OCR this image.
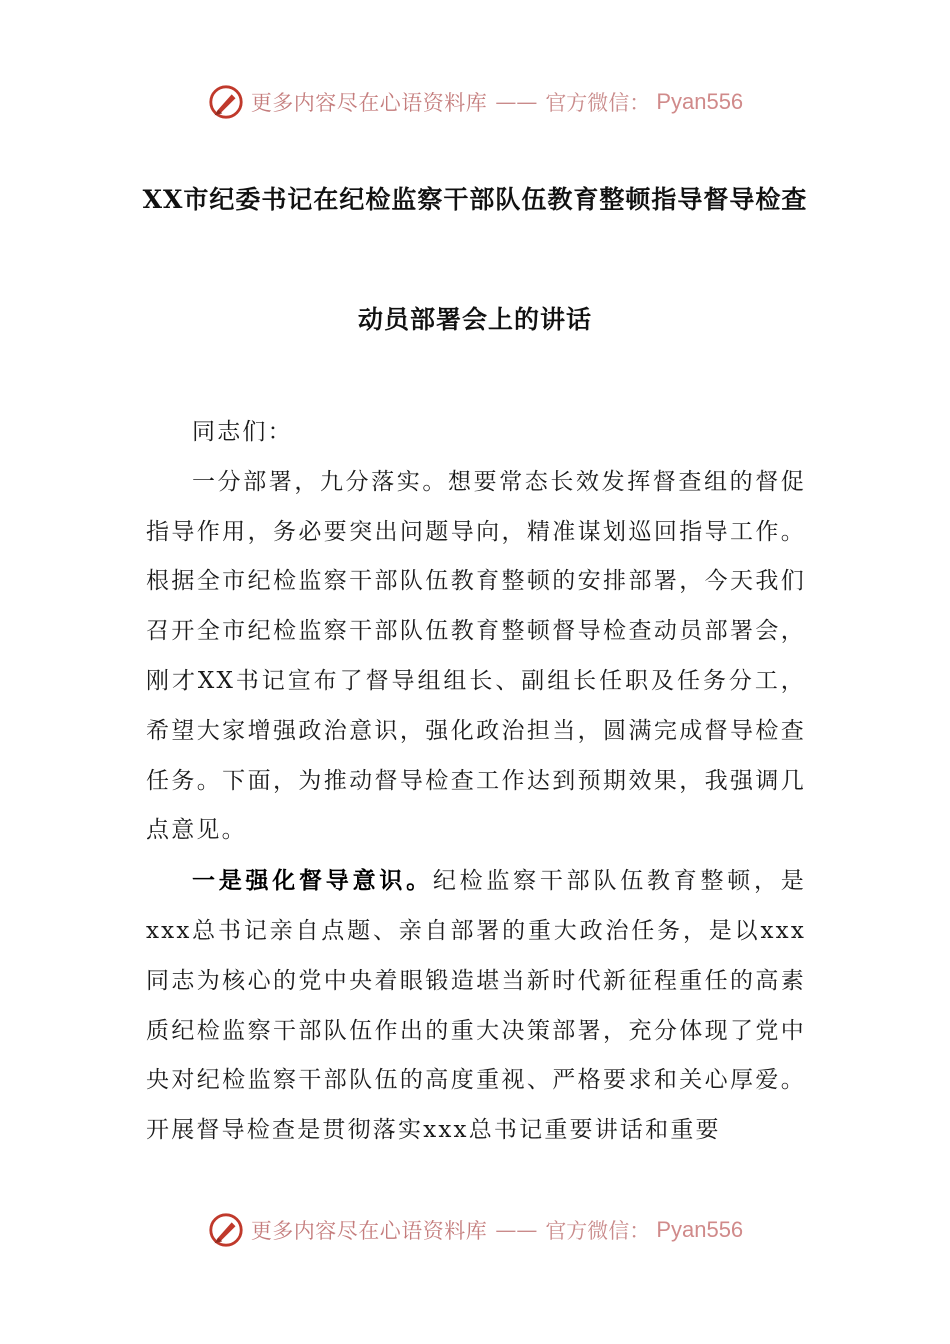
更多内容尽在心语资料库 —— 官方微信： Pyan556
XX市纪委书记在纪检监察干部队伍教育整顿指导督导检查
动员部署会上的讲话

同志们：

一分部署，九分落实。想要常态长效发挥督查组的督促指导作用，务必要突出问题导向，精准谋划巡回指导工作。根据全市纪检监察干部队伍教育整顿的安排部署，今天我们召开全市纪检监察干部队伍教育整顿督导检查动员部署会，刚才XX书记宣布了督导组组长、副组长任职及任务分工，希望大家增强政治意识，强化政治担当，圆满完成督导检查任务。下面，为推动督导检查工作达到预期效果，我强调几点意见。

一是强化督导意识。纪检监察干部队伍教育整顿，是xxx总书记亲自点题、亲自部署的重大政治任务，是以xxx同志为核心的党中央着眼锻造堪当新时代新征程重任的高素质纪检监察干部队伍作出的重大决策部署，充分体现了党中央对纪检监察干部队伍的高度重视、严格要求和关心厚爱。开展督导检查是贯彻落实xxx总书记重要讲话和重要

更多内容尽在心语资料库 —— 官方微信： Pyan556
